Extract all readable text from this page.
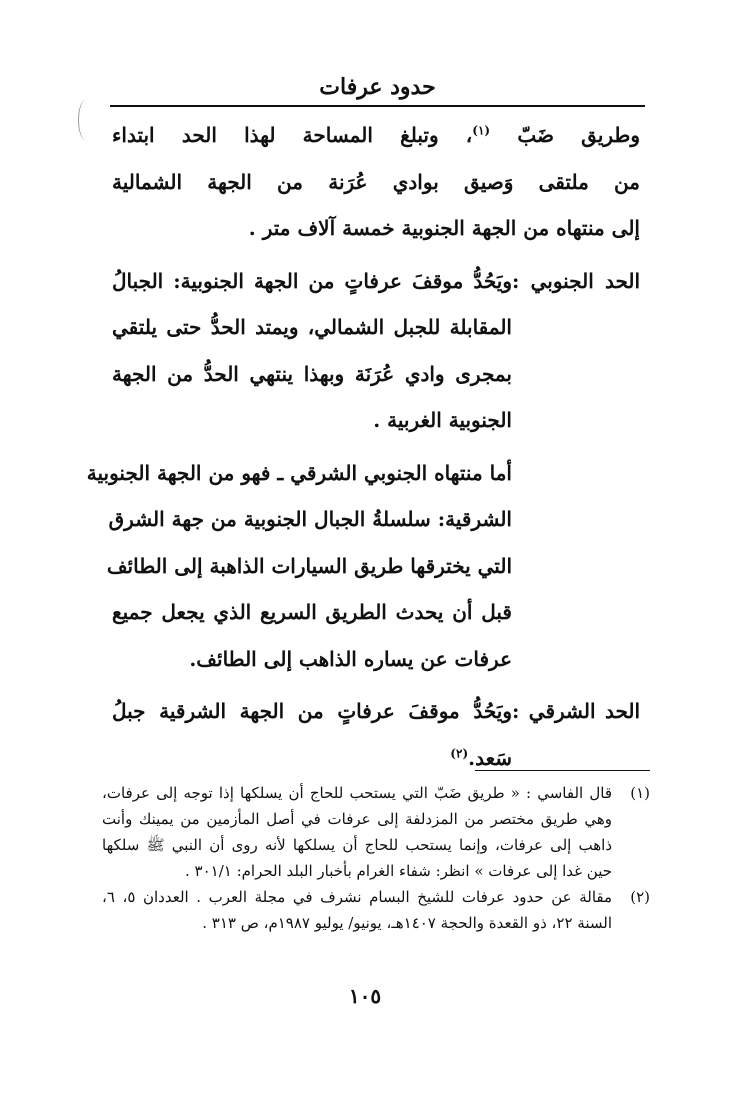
حدود عرفات
وطريق ضَبّ $^{(١)}$، وتبلغ المساحة لهذا الحد ابتداء
من ملتقى وَصيق بوادي عُرَنة من الجهة الشمالية
إلى منتهاه من الجهة الجنوبية خمسة آلاف متر .
الحد الجنوبي :
ويَحُدُّ موقفَ عرفاتٍ من الجهة الجنوبية: الجبالُ
المقابلة للجبل الشمالي، ويمتد الحدُّ حتى يلتقي
بمجرى وادي عُرَنَة وبهذا ينتهي الحدُّ من الجهة
الجنوبية الغربية .
أما منتهاه الجنوبي الشرقي ـ فهو من الجهة الجنوبية
الشرقية: سلسلةُ الجبال الجنوبية من جهة الشرق
التي يخترقها طريق السيارات الذاهبة إلى الطائف
قبل أن يحدث الطريق السريع الذي يجعل جميع
عرفات عن يساره الذاهب إلى الطائف.
الحد الشرقي :
ويَحُدُّ موقفَ عرفاتٍ من الجهة الشرقية جبلُ
سَعد.$^{(٢)}$
(١)
قال الفاسي : « طريق ضَبّ التي يستحب للحاج أن يسلكها إذا توجه إلى عرفات،
وهي طريق مختصر من المزدلفة إلى عرفات في أصل المأزمين من يمينك وأنت
ذاهب إلى عرفات، وإنما يستحب للحاج أن يسلكها لأنه روى أن النبي ﷺ سلكها
حين غدا إلى عرفات » انظر: شفاء الغرام بأخبار البلد الحرام: ٣٠١/١ .
(٢)
مقالة عن حدود عرفات للشيخ البسام نشرف في مجلة العرب . العددان ٥، ٦،
السنة ٢٢، ذو القعدة والحجة ١٤٠٧هـ، يونيو/ يوليو ١٩٨٧م، ص ٣١٣ .
١٠٥
